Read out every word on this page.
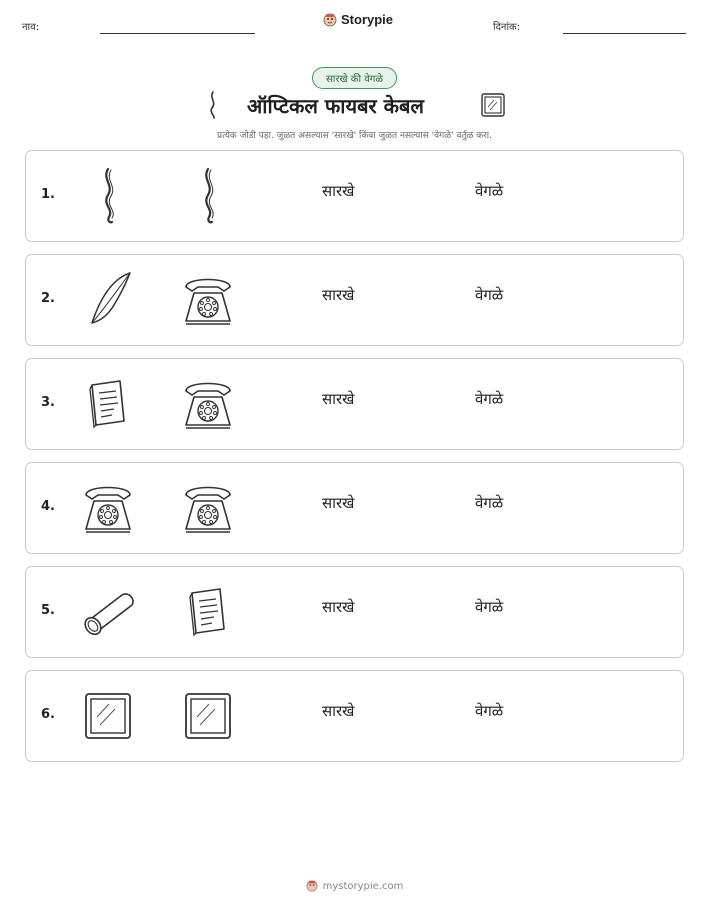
नाव:
Storypie
दिनांक:
सारखे की वेगळे
ऑप्टिकल फायबर केबल
प्रत्येक जोडी पहा. जुळत असल्यास 'सारखे' किंवा जुळत नसल्यास 'वेगळे' वर्तुळ करा.
1.	सारखे	वेगळे
2.	सारखे	वेगळे
3.	सारखे	वेगळे
4.	सारखे	वेगळे
5.	सारखे	वेगळे
6.	सारखे	वेगळे
mystorypie.com
